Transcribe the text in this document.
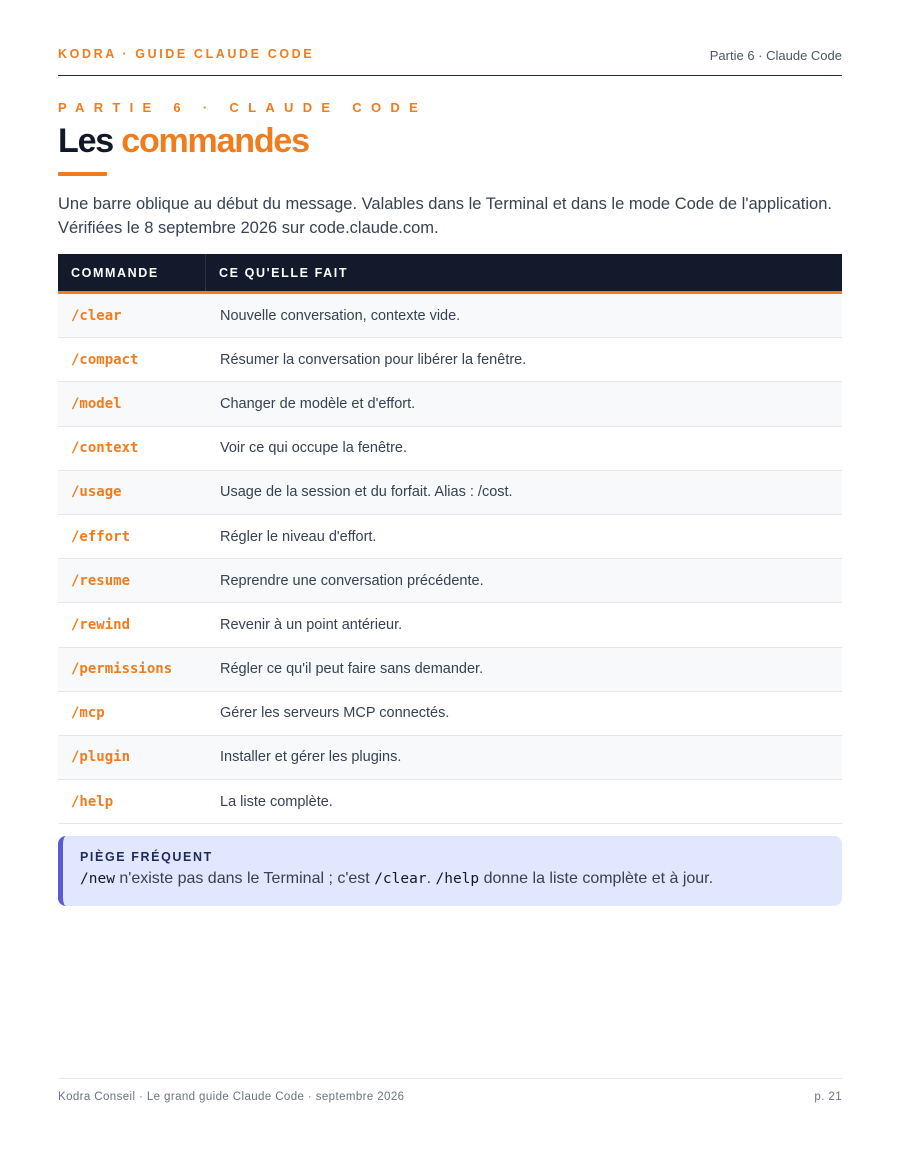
KODRA · GUIDE CLAUDE CODE	Partie 6 · Claude Code
PARTIE 6 · CLAUDE CODE
Les commandes

Une barre oblique au début du message. Valables dans le Terminal et dans le mode Code de l'application. Vérifiées le 8 septembre 2026 sur code.claude.com.

COMMANDE	CE QU'ELLE FAIT
/clear	Nouvelle conversation, contexte vide.
/compact	Résumer la conversation pour libérer la fenêtre.
/model	Changer de modèle et d'effort.
/context	Voir ce qui occupe la fenêtre.
/usage	Usage de la session et du forfait. Alias : /cost.
/effort	Régler le niveau d'effort.
/resume	Reprendre une conversation précédente.
/rewind	Revenir à un point antérieur.
/permissions	Régler ce qu'il peut faire sans demander.
/mcp	Gérer les serveurs MCP connectés.
/plugin	Installer et gérer les plugins.
/help	La liste complète.
PIÈGE FRÉQUENT
/new n'existe pas dans le Terminal ; c'est /clear. /help donne la liste complète et à jour.
Kodra Conseil · Le grand guide Claude Code · septembre 2026	p. 21
